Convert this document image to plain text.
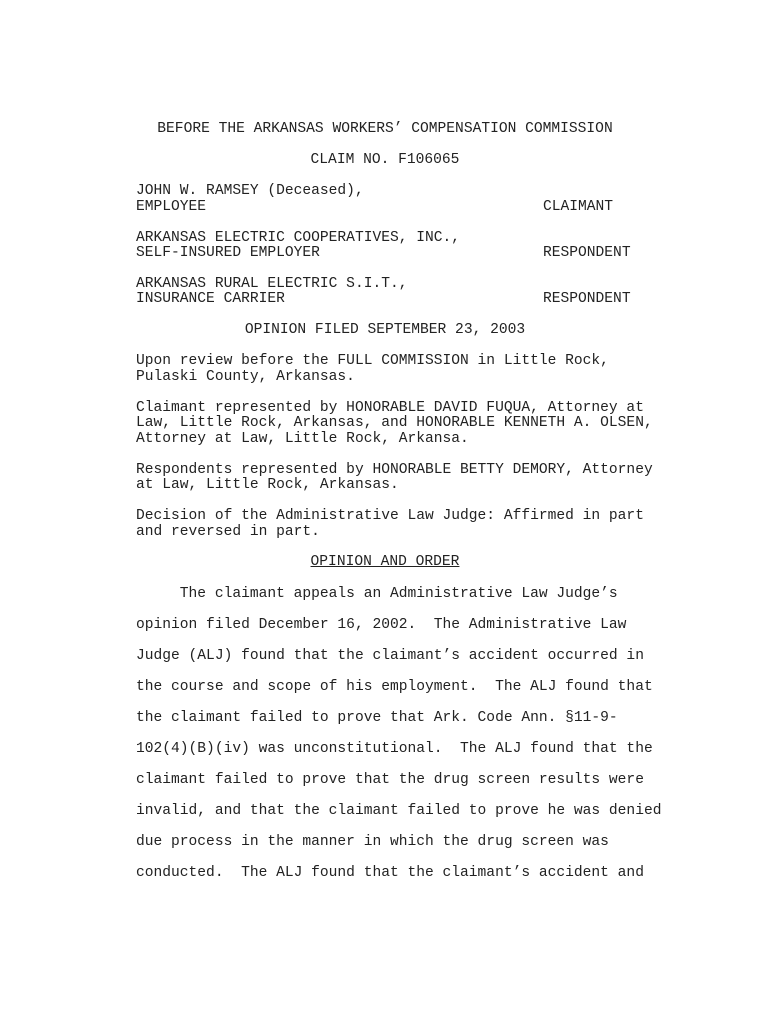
BEFORE THE ARKANSAS WORKERS’ COMPENSATION COMMISSION
CLAIM NO. F106065
JOHN W. RAMSEY (Deceased),
EMPLOYEE	CLAIMANT
ARKANSAS ELECTRIC COOPERATIVES, INC.,
SELF-INSURED EMPLOYER	RESPONDENT
ARKANSAS RURAL ELECTRIC S.I.T.,
INSURANCE CARRIER	RESPONDENT
OPINION FILED SEPTEMBER 23, 2003
Upon review before the FULL COMMISSION in Little Rock,
Pulaski County, Arkansas.
Claimant represented by HONORABLE DAVID FUQUA, Attorney at
Law, Little Rock, Arkansas, and HONORABLE KENNETH A. OLSEN,
Attorney at Law, Little Rock, Arkansa.
Respondents represented by HONORABLE BETTY DEMORY, Attorney
at Law, Little Rock, Arkansas.
Decision of the Administrative Law Judge: Affirmed in part
and reversed in part.
OPINION AND ORDER
The claimant appeals an Administrative Law Judge’s
opinion filed December 16, 2002.  The Administrative Law
Judge (ALJ) found that the claimant’s accident occurred in
the course and scope of his employment.  The ALJ found that
the claimant failed to prove that Ark. Code Ann. §11-9-
102(4)(B)(iv) was unconstitutional.  The ALJ found that the
claimant failed to prove that the drug screen results were
invalid, and that the claimant failed to prove he was denied
due process in the manner in which the drug screen was
conducted.  The ALJ found that the claimant’s accident and
